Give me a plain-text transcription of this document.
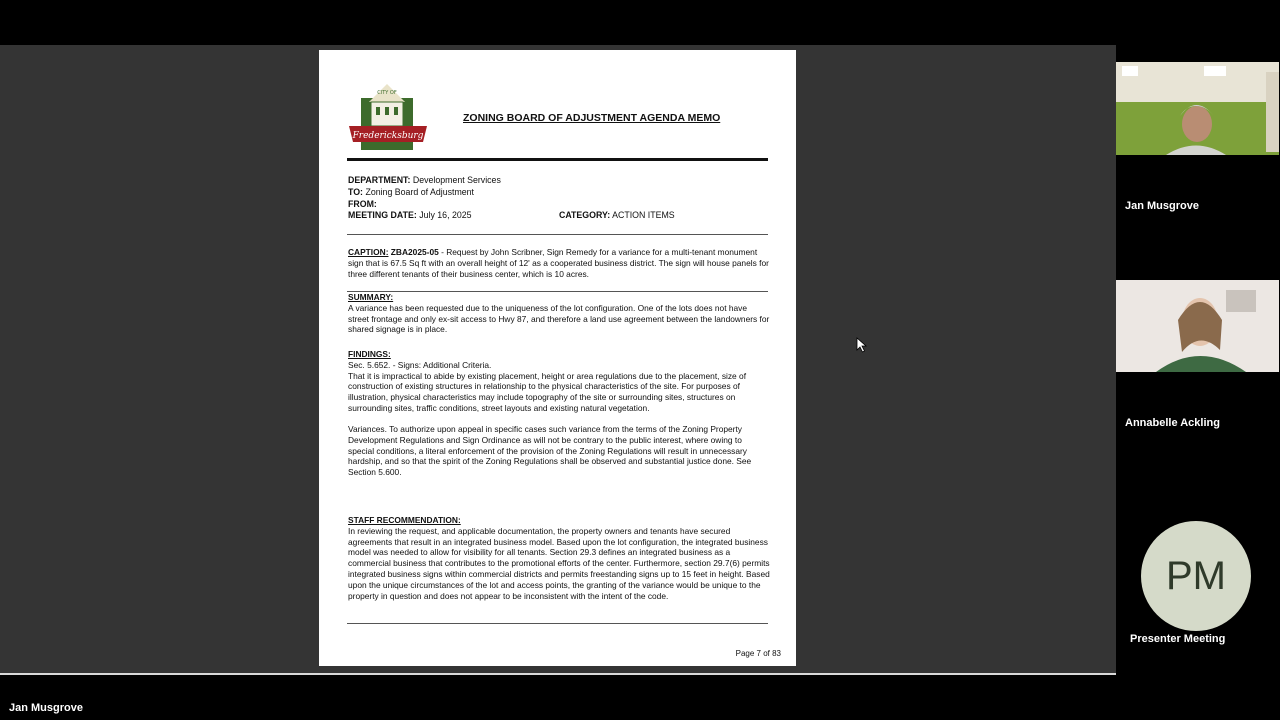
Fredericksburg
CITY OF
ZONING BOARD OF ADJUSTMENT AGENDA MEMO
DEPARTMENT: Development Services
TO: Zoning Board of Adjustment
FROM:
MEETING DATE: July 16, 2025	CATEGORY: ACTION ITEMS
CAPTION: ZBA2025-05 - Request by John Scribner, Sign Remedy for a variance for a multi-tenant monument sign that is 67.5 Sq ft with an overall height of 12' as a cooperated business district. The sign will house panels for three different tenants of their business center, which is 10 acres.
SUMMARY:
A variance has been requested due to the uniqueness of the lot configuration. One of the lots does not have street frontage and only ex-sit access to Hwy 87, and therefore a land use agreement between the landowners for shared signage is in place.
FINDINGS:
Sec. 5.652. - Signs: Additional Criteria.
That it is impractical to abide by existing placement, height or area regulations due to the placement, size of construction of existing structures in relationship to the physical characteristics of the site. For purposes of illustration, physical characteristics may include topography of the site or surrounding sites, structures on surrounding sites, traffic conditions, street layouts and existing natural vegetation.
Variances. To authorize upon appeal in specific cases such variance from the terms of the Zoning Property Development Regulations and Sign Ordinance as will not be contrary to the public interest, where owing to special conditions, a literal enforcement of the provision of the Zoning Regulations will result in unnecessary hardship, and so that the spirit of the Zoning Regulations shall be observed and substantial justice done. See Section 5.600.
STAFF RECOMMENDATION:
In reviewing the request, and applicable documentation, the property owners and tenants have secured agreements that result in an integrated business model. Based upon the lot configuration, the integrated business model was needed to allow for visibility for all tenants. Section 29.3 defines an integrated business as a commercial business that contributes to the promotional efforts of the center. Furthermore, section 29.7(6) permits integrated business signs within commercial districts and permits freestanding signs up to 15 feet in height. Based upon the unique circumstances of the lot and access points, the granting of the variance would be unique to the property in question and does not appear to be inconsistent with the intent of the code.
Page 7 of 83
Jan Musgrove
Annabelle Ackling
PM
Presenter Meeting
Jan Musgrove
